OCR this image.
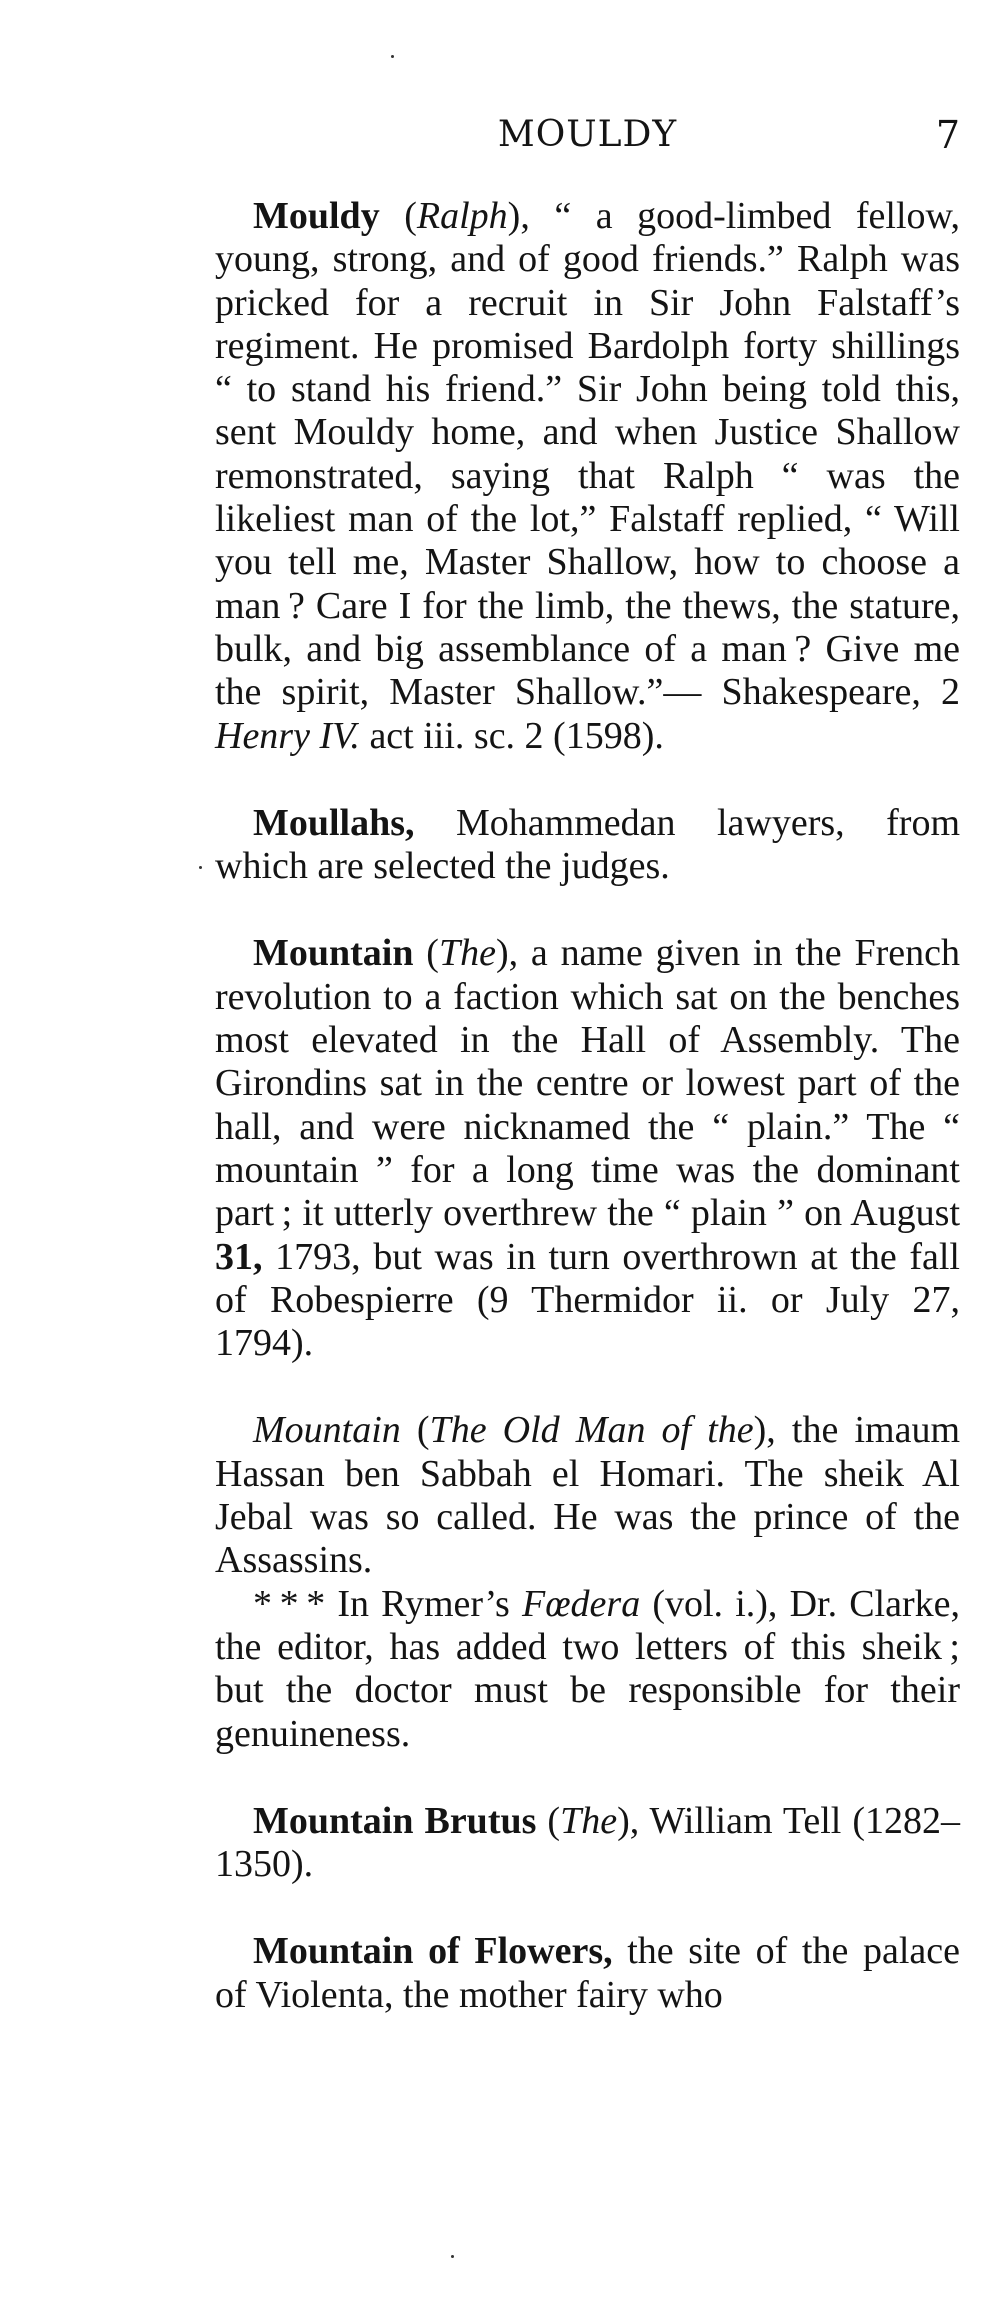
MOULDY	7
Mouldy (Ralph), “ a good-limbed fellow, young, strong, and of good friends.” Ralph was pricked for a recruit in Sir John Falstaff’s regiment. He promised Bardolph forty shillings “ to stand his friend.” Sir John being told this, sent Mouldy home, and when Justice Shallow remonstrated, saying that Ralph “ was the likeliest man of the lot,” Falstaff replied, “ Will you tell me, Master Shallow, how to choose a man ? Care I for the limb, the thews, the stature, bulk, and big assemblance of a man ? Give me the spirit, Master Shallow.”— Shakespeare, 2 Henry IV. act iii. sc. 2 (1598).
Moullahs, Mohammedan lawyers, from which are selected the judges.
Mountain (The), a name given in the French revolution to a faction which sat on the benches most elevated in the Hall of Assembly. The Girondins sat in the centre or lowest part of the hall, and were nicknamed the “ plain.” The “ mountain ” for a long time was the dominant part ; it utterly overthrew the “ plain ” on August 31, 1793, but was in turn overthrown at the fall of Robespierre (9 Thermidor ii. or July 27, 1794).

Mountain (The Old Man of the), the imaum Hassan ben Sabbah el Homari. The sheik Al Jebal was so called. He was the prince of the Assassins.

* * * In Rymer’s Fœdera (vol. i.), Dr. Clarke, the editor, has added two letters of this sheik ; but the doctor must be responsible for their genuineness.

Mountain Brutus (The), William Tell (1282–1350).
Mountain of Flowers, the site of the palace of Violenta, the mother fairy who
